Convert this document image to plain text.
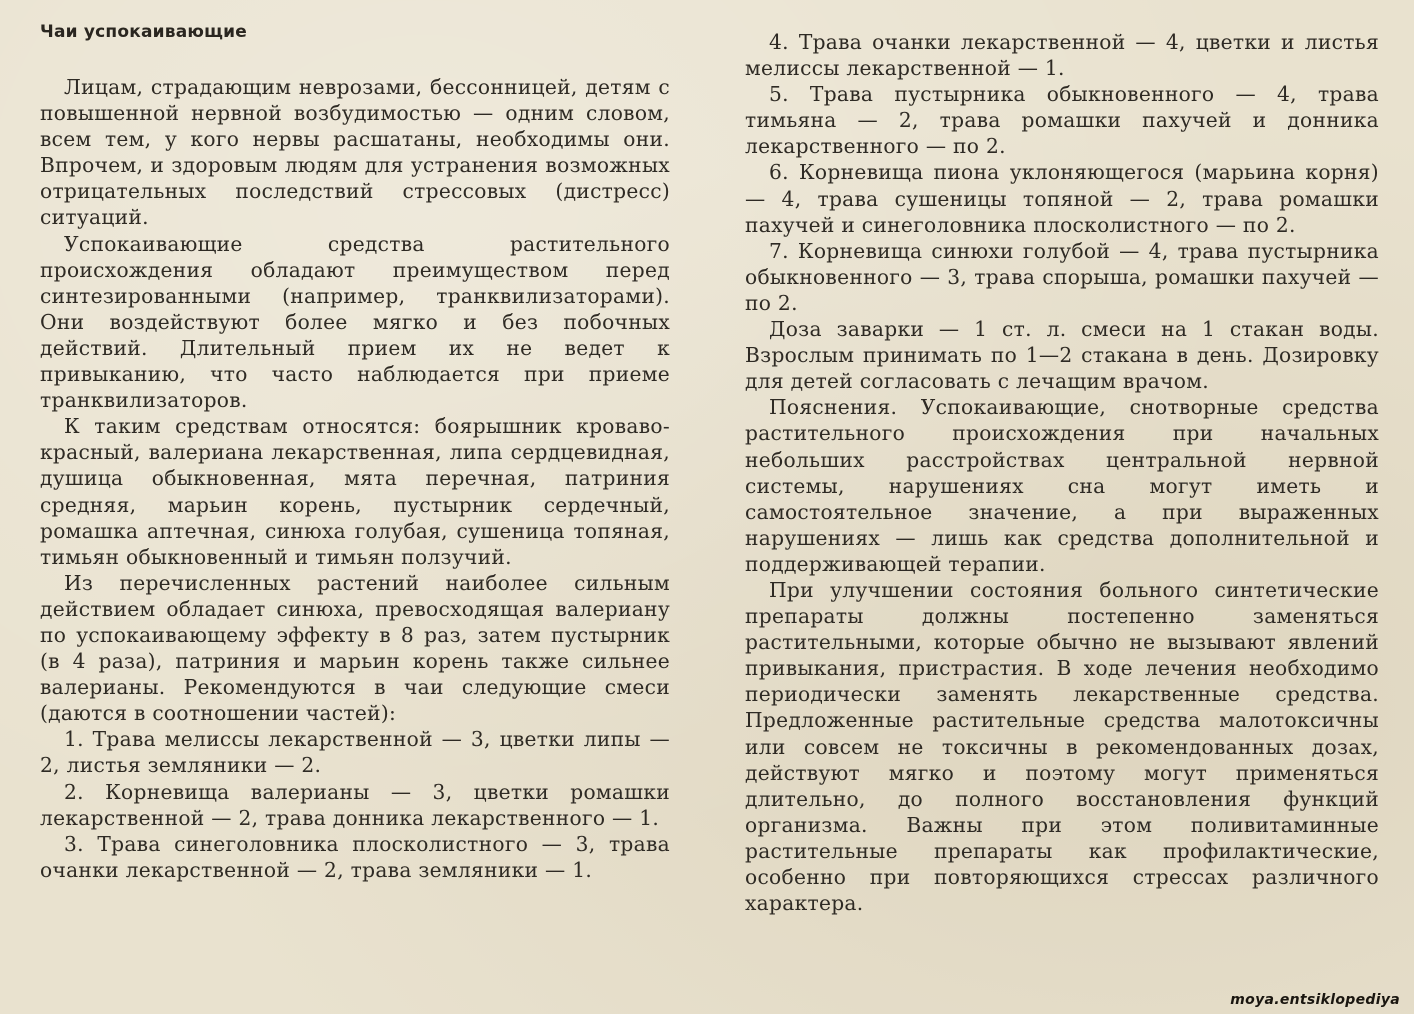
Чаи успокаивающие

Лицам, страдающим неврозами, бессонницей, детям с повышенной нервной возбудимостью — одним словом, всем тем, у кого нервы расшатаны, необходимы они. Впрочем, и здоровым людям для устранения возможных отрицательных последствий стрессовых (дистресс) ситуаций.

Успокаивающие средства растительного происхождения обладают преимуществом перед синтезированными (например, транквилизаторами). Они воздействуют более мягко и без побочных действий. Длительный прием их не ведет к привыканию, что часто наблюдается при приеме транквилизаторов.

К таким средствам относятся: боярышник кроваво-красный, валериана лекарственная, липа сердцевидная, душица обыкновенная, мята перечная, патриния средняя, марьин корень, пустырник сердечный, ромашка аптечная, синюха голубая, сушеница топяная, тимьян обыкновенный и тимьян ползучий.

Из перечисленных растений наиболее сильным действием обладает синюха, превосходящая валериану по успокаивающему эффекту в 8 раз, затем пустырник (в 4 раза), патриния и марьин корень также сильнее валерианы. Рекомендуются в чаи следующие смеси (даются в соотношении частей):

1. Трава мелиссы лекарственной — 3, цветки липы — 2, листья земляники — 2.

2. Корневища валерианы — 3, цветки ромашки лекарственной — 2, трава донника лекарственного — 1.

3. Трава синеголовника плосколистного — 3, трава очанки лекарственной — 2, трава земляники — 1.

4. Трава очанки лекарственной — 4, цветки и листья мелиссы лекарственной — 1.

5. Трава пустырника обыкновенного — 4, трава тимьяна — 2, трава ромашки пахучей и донника лекарственного — по 2.

6. Корневища пиона уклоняющегося (марьина корня) — 4, трава сушеницы топяной — 2, трава ромашки пахучей и синеголовника плосколистного — по 2.

7. Корневища синюхи голубой — 4, трава пустырника обыкновенного — 3, трава спорыша, ромашки пахучей — по 2.

Доза заварки — 1 ст. л. смеси на 1 стакан воды. Взрослым принимать по 1—2 стакана в день. Дозировку для детей согласовать с лечащим врачом.

Пояснения. Успокаивающие, снотворные средства растительного происхождения при начальных небольших расстройствах центральной нервной системы, нарушениях сна могут иметь и самостоятельное значение, а при выраженных нарушениях — лишь как средства дополнительной и поддерживающей терапии.

При улучшении состояния больного синтетические препараты должны постепенно заменяться растительными, которые обычно не вызывают явлений привыкания, пристрастия. В ходе лечения необходимо периодически заменять лекарственные средства. Предложенные растительные средства малотоксичны или совсем не токсичны в рекомендованных дозах, действуют мягко и поэтому могут применяться длительно, до полного восстановления функций организма. Важны при этом поливитаминные растительные препараты как профилактические, особенно при повторяющихся стрессах различного характера.

moya.entsiklopediya
